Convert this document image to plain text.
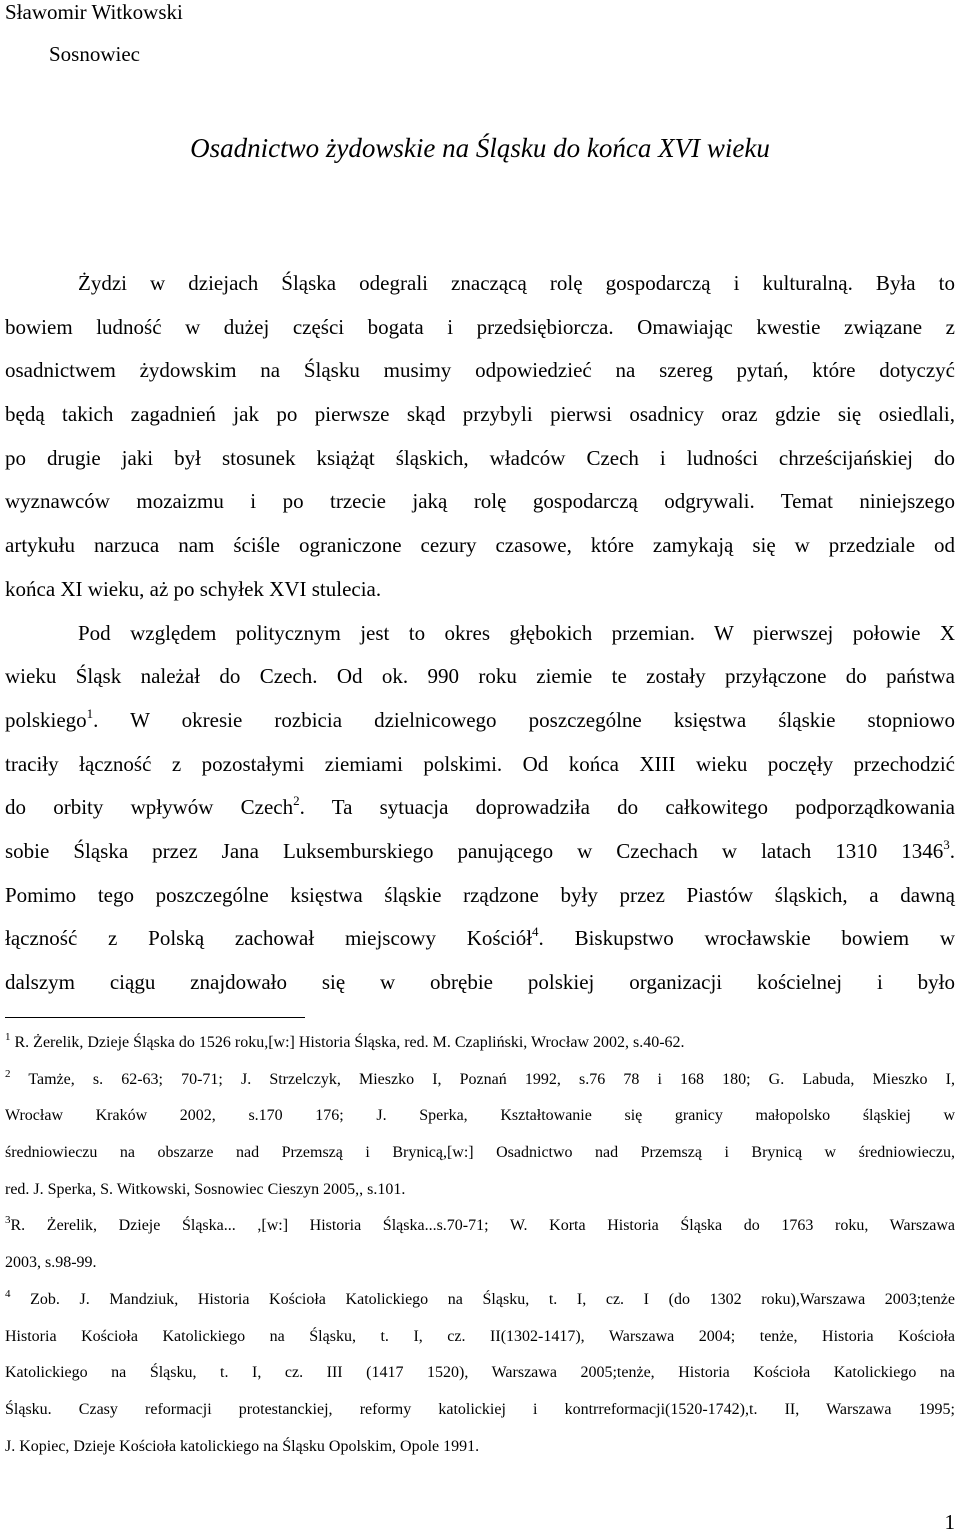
Sławomir Witkowski
Sosnowiec
Osadnictwo żydowskie na Śląsku do końca XVI wieku
Żydzi w dziejach Śląska odegrali znaczącą rolę gospodarczą i kulturalną. Była to
bowiem ludność w dużej części bogata i przedsiębiorcza. Omawiając kwestie związane z
osadnictwem żydowskim na Śląsku musimy odpowiedzieć na szereg pytań, które dotyczyć
będą takich zagadnień jak po pierwsze skąd przybyli pierwsi osadnicy oraz gdzie się osiedlali,
po drugie jaki był stosunek książąt śląskich, władców Czech i ludności chrześcijańskiej do
wyznawców mozaizmu i po trzecie jaką rolę gospodarczą odgrywali. Temat niniejszego
artykułu narzuca nam ściśle ograniczone cezury czasowe, które zamykają się w przedziale od
końca XI wieku, aż po schyłek XVI stulecia.
Pod względem politycznym jest to okres głębokich przemian. W pierwszej połowie X
wieku Śląsk należał do Czech. Od ok. 990 roku ziemie te zostały przyłączone do państwa
polskiego$^1$. W okresie rozbicia dzielnicowego poszczególne księstwa śląskie stopniowo
traciły łączność z pozostałymi ziemiami polskimi. Od końca XIII wieku poczęły przechodzić
do orbity wpływów Czech$^2$. Ta sytuacja doprowadziła do całkowitego podporządkowania
sobie Śląska przez Jana Luksemburskiego panującego w Czechach w latach 1310 1346$^3$.
Pomimo tego poszczególne księstwa śląskie rządzone były przez Piastów śląskich, a dawną
łączność z Polską zachował miejscowy Kościół$^4$. Biskupstwo wrocławskie bowiem w
dalszym ciągu znajdowało się w obrębie polskiej organizacji kościelnej i było
$^1$ R. Żerelik, Dzieje Śląska do 1526 roku,[w:] Historia Śląska, red. M. Czapliński, Wrocław 2002, s.40-62.
$^2$ Tamże, s. 62-63; 70-71; J. Strzelczyk, Mieszko I, Poznań 1992, s.76 78 i 168 180; G. Labuda, Mieszko I,
Wrocław Kraków 2002, s.170 176; J. Sperka, Kształtowanie się granicy małopolsko śląskiej w
średniowieczu na obszarze nad Przemszą i Brynicą,[w:] Osadnictwo nad Przemszą i Brynicą w średniowieczu,
red. J. Sperka, S. Witkowski, Sosnowiec Cieszyn 2005,, s.101.
$^3$R. Żerelik, Dzieje Śląska... ,[w:] Historia Śląska...s.70-71; W. Korta Historia Śląska do 1763 roku, Warszawa
2003, s.98-99.
$^4$ Zob. J. Mandziuk, Historia Kościoła Katolickiego na Śląsku, t. I, cz. I (do 1302 roku),Warszawa 2003;tenże
Historia Kościoła Katolickiego na Śląsku, t. I, cz. II(1302-1417), Warszawa 2004; tenże, Historia Kościoła
Katolickiego na Śląsku, t. I, cz. III (1417 1520), Warszawa 2005;tenże, Historia Kościoła Katolickiego na
Śląsku. Czasy reformacji protestanckiej, reformy katolickiej i kontrreformacji(1520-1742),t. II, Warszawa 1995;
J. Kopiec, Dzieje Kościoła katolickiego na Śląsku Opolskim, Opole 1991.
1
